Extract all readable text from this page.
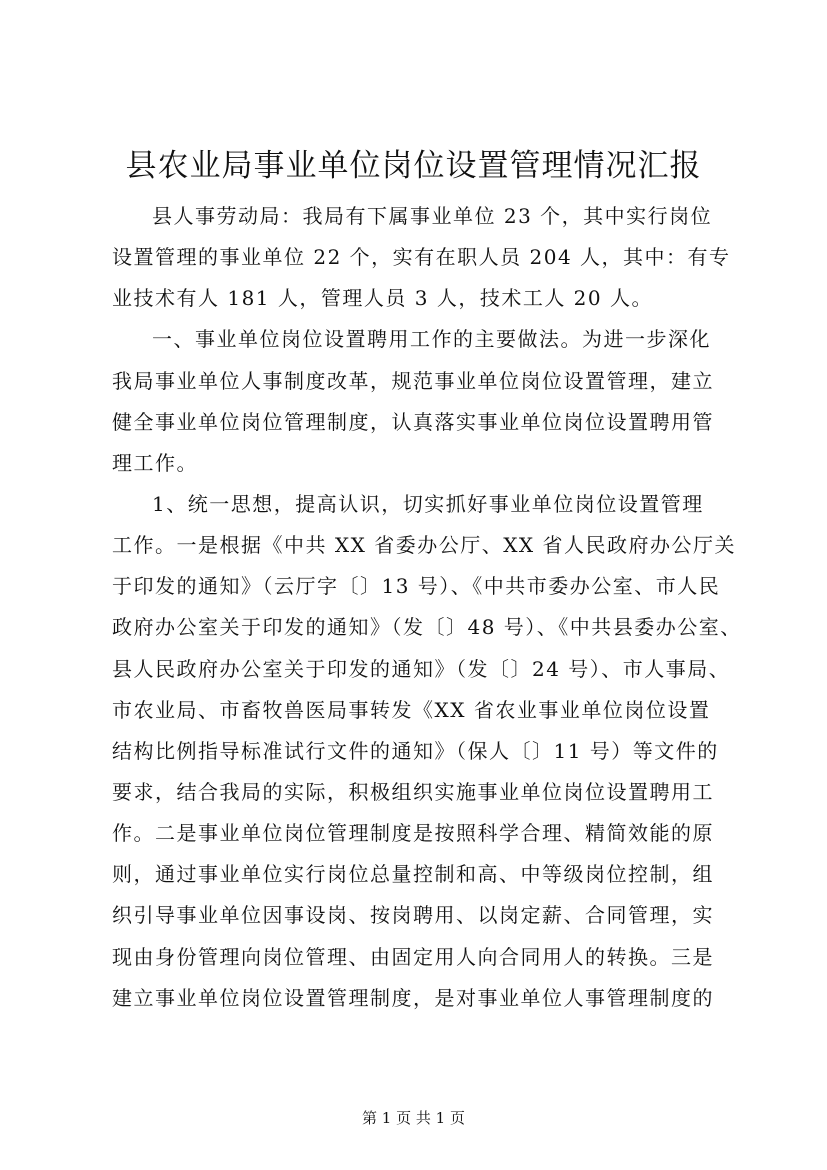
县农业局事业单位岗位设置管理情况汇报

县人事劳动局：我局有下属事业单位 23 个，其中实行岗位

设置管理的事业单位 22 个，实有在职人员 204 人，其中：有专

业技术有人 181 人，管理人员 3 人，技术工人 20 人。

一、事业单位岗位设置聘用工作的主要做法。为进一步深化

我局事业单位人事制度改革，规范事业单位岗位设置管理，建立

健全事业单位岗位管理制度，认真落实事业单位岗位设置聘用管

理工作。

1、统一思想，提高认识，切实抓好事业单位岗位设置管理

工作。一是根据《中共 XX 省委办公厅、XX 省人民政府办公厅关

于印发的通知》（云厅字〔〕13 号）、《中共市委办公室、市人民

政府办公室关于印发的通知》（发〔〕48 号）、《中共县委办公室、

县人民政府办公室关于印发的通知》（发〔〕24 号）、市人事局、

市农业局、市畜牧兽医局事转发《XX 省农业事业单位岗位设置

结构比例指导标准试行文件的通知》（保人〔〕11 号）等文件的

要求，结合我局的实际，积极组织实施事业单位岗位设置聘用工

作。二是事业单位岗位管理制度是按照科学合理、精简效能的原

则，通过事业单位实行岗位总量控制和高、中等级岗位控制，组

织引导事业单位因事设岗、按岗聘用、以岗定薪、合同管理，实

现由身份管理向岗位管理、由固定用人向合同用人的转换。三是

建立事业单位岗位设置管理制度，是对事业单位人事管理制度的

第 1 页 共 1 页
